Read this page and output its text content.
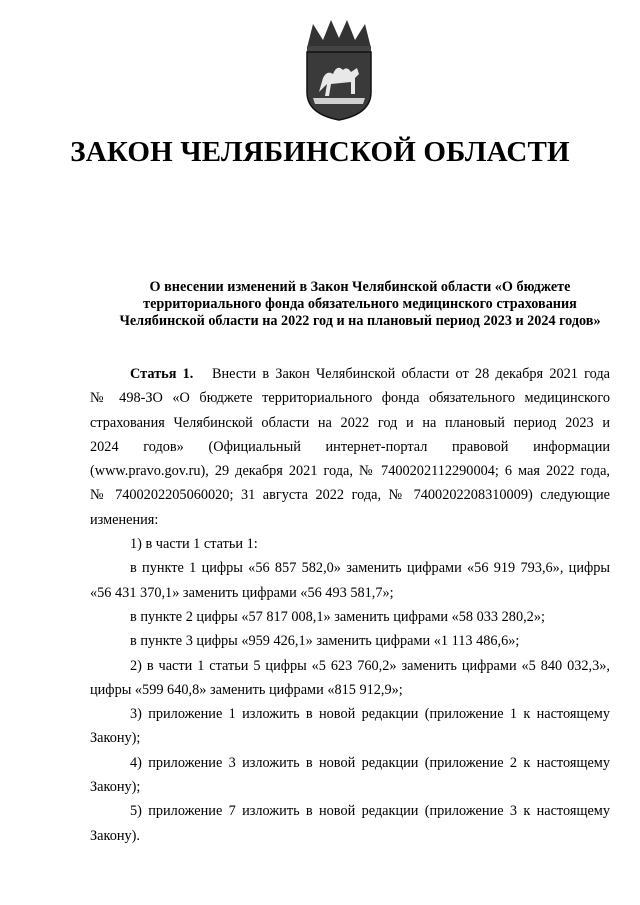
ЗАКОН ЧЕЛЯБИНСКОЙ ОБЛАСТИ
О внесении изменений в Закон Челябинской области «О бюджете
территориального фонда обязательного медицинского страхования
Челябинской области на 2022 год и на плановый период 2023 и 2024 годов»
Статья 1. Внести в Закон Челябинской области от 28 декабря 2021 года
№ 498-ЗО «О бюджете территориального фонда обязательного медицинского
страхования Челябинской области на 2022 год и на плановый период 2023 и
2024 годов» (Официальный интернет-портал правовой информации
(www.pravo.gov.ru), 29 декабря 2021 года, № 7400202112290004; 6 мая 2022 года,
№ 7400202205060020; 31 августа 2022 года, № 7400202208310009) следующие
изменения:
1) в части 1 статьи 1:
в пункте 1 цифры «56 857 582,0» заменить цифрами «56 919 793,6», цифры
«56 431 370,1» заменить цифрами «56 493 581,7»;
в пункте 2 цифры «57 817 008,1» заменить цифрами «58 033 280,2»;
в пункте 3 цифры «959 426,1» заменить цифрами «1 113 486,6»;
2) в части 1 статьи 5 цифры «5 623 760,2» заменить цифрами «5 840 032,3»,
цифры «599 640,8» заменить цифрами «815 912,9»;
3) приложение 1 изложить в новой редакции (приложение 1 к настоящему
Закону);
4) приложение 3 изложить в новой редакции (приложение 2 к настоящему
Закону);
5) приложение 7 изложить в новой редакции (приложение 3 к настоящему
Закону).
